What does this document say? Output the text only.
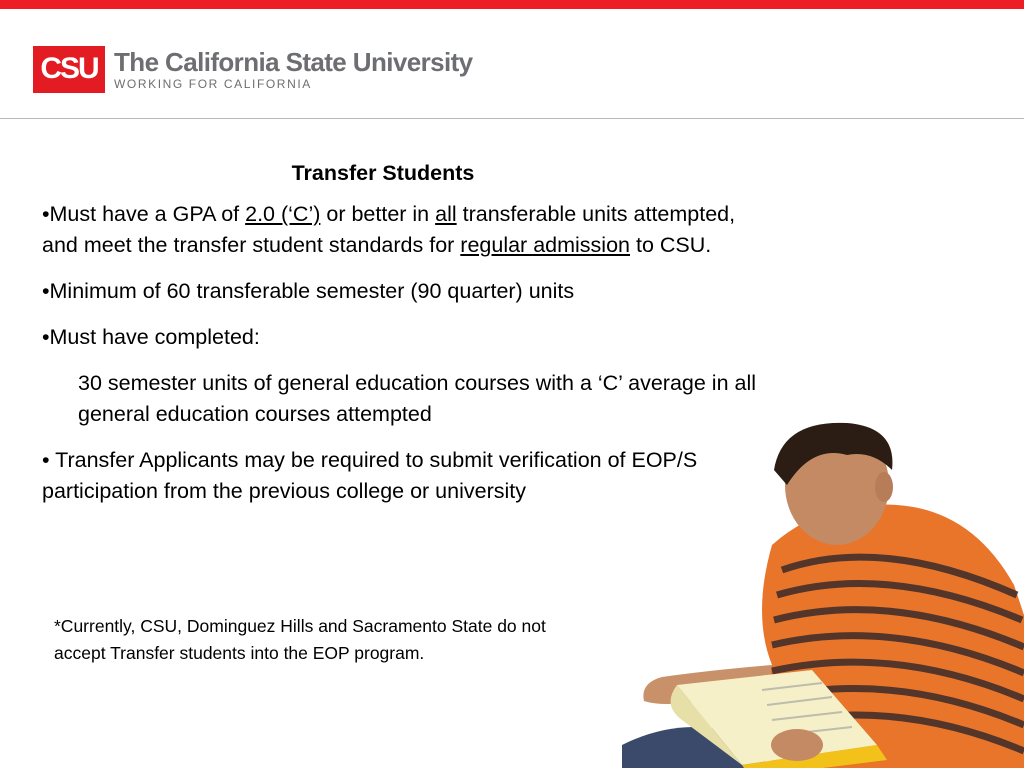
CSU The California State University
WORKING FOR CALIFORNIA
Transfer Students

•Must have a GPA of 2.0 (‘C’) or better in all transferable units attempted, and meet the transfer student standards for regular admission to CSU.

•Minimum of 60 transferable semester (90 quarter) units

•Must have completed:

30 semester units of general education courses with a ‘C’ average in all general education courses attempted

• Transfer Applicants may be required to submit verification of EOP/S participation from the previous college or university

*Currently, CSU, Dominguez Hills and Sacramento State do not accept Transfer students into the EOP program.
